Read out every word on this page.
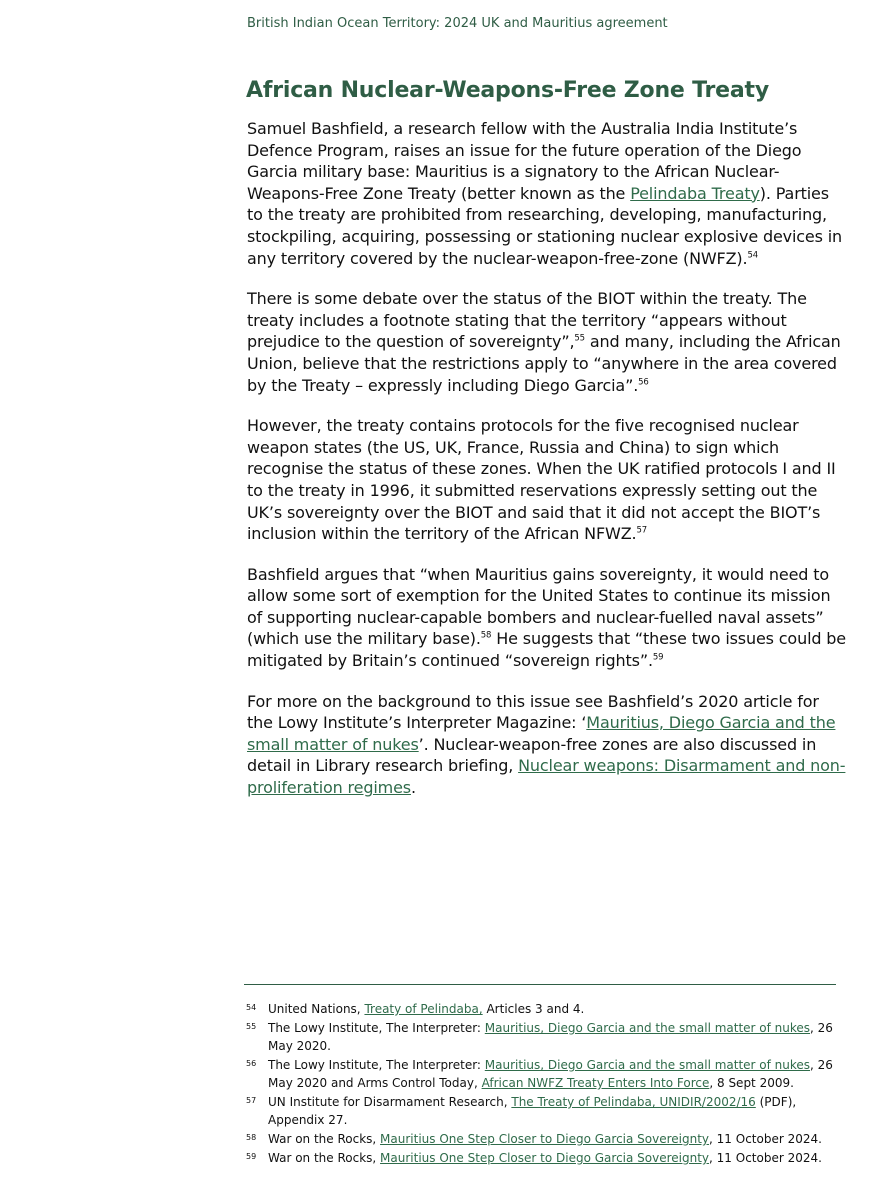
British Indian Ocean Territory: 2024 UK and Mauritius agreement
African Nuclear-Weapons-Free Zone Treaty

Samuel Bashfield, a research fellow with the Australia India Institute’s Defence Program, raises an issue for the future operation of the Diego Garcia military base: Mauritius is a signatory to the African Nuclear-Weapons-Free Zone Treaty (better known as the Pelindaba Treaty). Parties to the treaty are prohibited from researching, developing, manufacturing, stockpiling, acquiring, possessing or stationing nuclear explosive devices in any territory covered by the nuclear-weapon-free-zone (NWFZ).$^{54}$

There is some debate over the status of the BIOT within the treaty. The treaty includes a footnote stating that the territory “appears without prejudice to the question of sovereignty”,$^{55}$ and many, including the African Union, believe that the restrictions apply to “anywhere in the area covered by the Treaty – expressly including Diego Garcia”.$^{56}$

However, the treaty contains protocols for the five recognised nuclear weapon states (the US, UK, France, Russia and China) to sign which recognise the status of these zones. When the UK ratified protocols I and II to the treaty in 1996, it submitted reservations expressly setting out the UK’s sovereignty over the BIOT and said that it did not accept the BIOT’s inclusion within the territory of the African NFWZ.$^{57}$

Bashfield argues that “when Mauritius gains sovereignty, it would need to allow some sort of exemption for the United States to continue its mission of supporting nuclear-capable bombers and nuclear-fuelled naval assets” (which use the military base).$^{58}$ He suggests that “these two issues could be mitigated by Britain’s continued “sovereign rights”.$^{59}$

For more on the background to this issue see Bashfield’s 2020 article for the Lowy Institute’s Interpreter Magazine: ‘Mauritius, Diego Garcia and the small matter of nukes’. Nuclear-weapon-free zones are also discussed in detail in Library research briefing, Nuclear weapons: Disarmament and non-proliferation regimes.

54 United Nations, Treaty of Pelindaba, Articles 3 and 4.
55 The Lowy Institute, The Interpreter: Mauritius, Diego Garcia and the small matter of nukes, 26 May 2020.
56 The Lowy Institute, The Interpreter: Mauritius, Diego Garcia and the small matter of nukes, 26 May 2020 and Arms Control Today, African NWFZ Treaty Enters Into Force, 8 Sept 2009.
57 UN Institute for Disarmament Research, The Treaty of Pelindaba, UNIDIR/2002/16 (PDF), Appendix 27.
58 War on the Rocks, Mauritius One Step Closer to Diego Garcia Sovereignty, 11 October 2024.
59 War on the Rocks, Mauritius One Step Closer to Diego Garcia Sovereignty, 11 October 2024.
